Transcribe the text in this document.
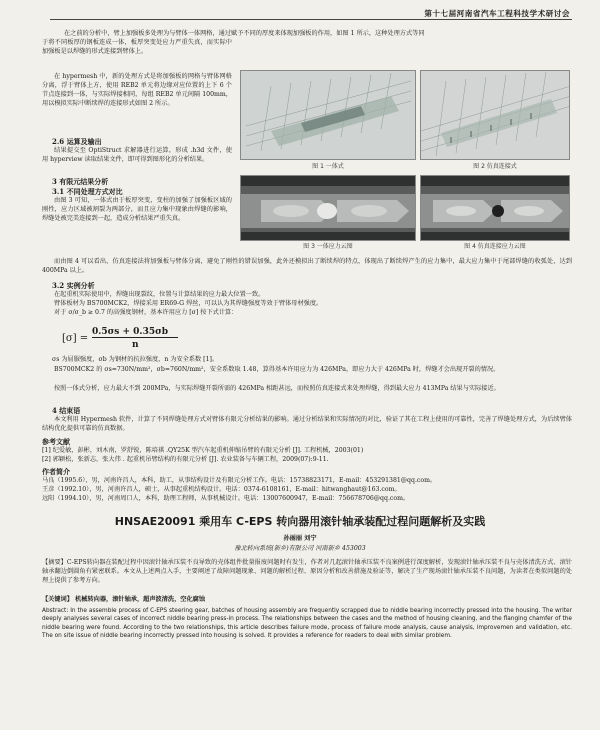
第十七届河南省汽车工程科技学术研讨会
在之前的分析中，臂上加强板多处理为与臂体一体网格，通过赋予不同的厚度来体现加强板的作用，如图 1 所示，这种处理方式等同
于将不同板厚的钢板连成一体，板厚突变处应力严重失真，而实际中加强板是以焊缝的形式连接到臂体上。
在 hypermesh 中，新的处理方式是将加强板的网格与臂体网格分离，浮于臂体上方，使用 REB2 单元将边缘对应位置的上下 6 个节点连接到一体，与实际焊接相同，每组 REB2 单元间隔 100mm，用以模拟实际中断续焊的连接形式如图 2 所示。
2.6 运算及输出
结果提交至 OptiStruct 求解器进行运算，形成 .h3d 文件，使用 hyperview 读取结果文件，即可得到图形化的分析结果。
3 有限元结果分析
3.1 不同处理方式对比
由图 3 可知，一体式由于板厚突变，变柱的加强了加强板区域的刚性，应力区域被割裂为两部分，而且应力集中现象由焊缝的影响，焊缝处被完美连接到一起，造成分析结果严重失真。
图 1 一体式	图 2 仿真连接式
图 3 一体应力云图	图 4 仿真连接应力云图
而由图 4 可以看出，仿真连接法将加强板与臂体分离，避免了刚性的错误加强，此外还模拟出了断续焊的特点，体现出了断续焊产生的应力集中，最大应力集中于尾部焊缝的收弧处，达到 400MPa 以上。
3.2 实例分析
在起重机实际使用中，焊缝出现裂纹，位置与计算结果的应力最大位置一致。
臂体板材为 BS700MCK2，焊接采用 ER69-G 焊丝，可以认为其焊缝强度等效于臂体母材强度。
对于 σ/σ_b ≥ 0.7 的高强度钢材，基本许用应力 [σ] 按下式计算：
[σ] =
0.5σs + 0.35σb
n
σs 为屈服强度，σb 为钢材的抗拉强度，n 为安全系数 [1]。
BS700MCK2 的 σs=730N/mm²，σb=760N/mm²，安全系数取 1.48，算得基本许用应力为 426MPa，即应力大于 426MPa 时，焊缝才会出现开裂的情况。
按照一体式分析，应力最大不到 200MPa，与实际焊缝开裂所需的 426MPa 相距甚远，而按照仿真连接式来处理焊缝，得到最大应力 413MPa 结果与实际接近。
4 结束语
本文利用 Hypermesh 软件，计算了不同焊缝处理方式对臂体有限元分析结果的影响。通过分析结果和实际情况的对比，验证了其在工程上使用的可靠性，完善了焊缝处理方式，为后续臂体结构优化提供可靠的仿真数据。
参考文献
[1] 纪爱敏，彭彬，刘木南，罗舒锐，陈培祺 .QY25K 型汽车起重机伸缩吊臂的有限元分析 [J]. 工程机械，2003(01)
[2] 郭颖松，张新志，张大伟 . 起重机吊臂结构的有限元分析 [J]. 农业装备与车辆工程，2009(07):9-11.
作者简介
马良（1995.6），男，河南许昌人，本科，助工，从事结构设计及有限元分析工作。电话：15738823171，E-mail：453291381@qq.com。
王彦（1992.10），男，河南许昌人，硕士，从事起重机结构设计。电话：0374-6108161，E-mail：hitwanghaut@163.com。
远阳（1994.10），男，河南周口人，本科，助理工程师，从事机械设计。电话：13007600947，E-mail：756678706@qq.com。
HNSAE20091 乘用车 C-EPS 转向器用滚针轴承装配过程问题解析及实践
孙丽丽 刘宁
豫北转向系统(新乡)有限公司 河南新乡 453003
【摘要】C-EPS转向器在装配过程中因滚针轴承压装不良导致的壳体组件批量报废问题时有发生，作者对几起滚针轴承压装不良案例进行深度解析，发现滚针轴承压装不良与壳体清洗方式、滚针轴承翻边倒圆角有紧密联系。本文从上述两点入手，主要阐述了故障问题现象、问题的解析过程、原因分析和改善措施及验证等，解决了生产现场滚针轴承压装不良问题，为读者在类似问题的处理上提供了参考方向。
【关键词】 机械转向器，滚针轴承，超声波清洗，空化腐蚀
Abstract: In the assemble process of C-EPS steering gear, batches of housing assembly are frequently scrapped due to niddle bearing incorrectly pressed into the housing. The writer deeply analyses several cases of incorrect niddle bearing press-in process. The relationships between the cases and the method of housing cleaning, and the flanging chamfer of the niddle bearing were found. According to the two relationships, this article describes failure mode, process of failure mode analysis, cause analysis, improvemen and validation, etc. The on site issue of niddle bearing incorrectly pressed into housing is solved. It provides a reference for readers to deal with similar problem.
